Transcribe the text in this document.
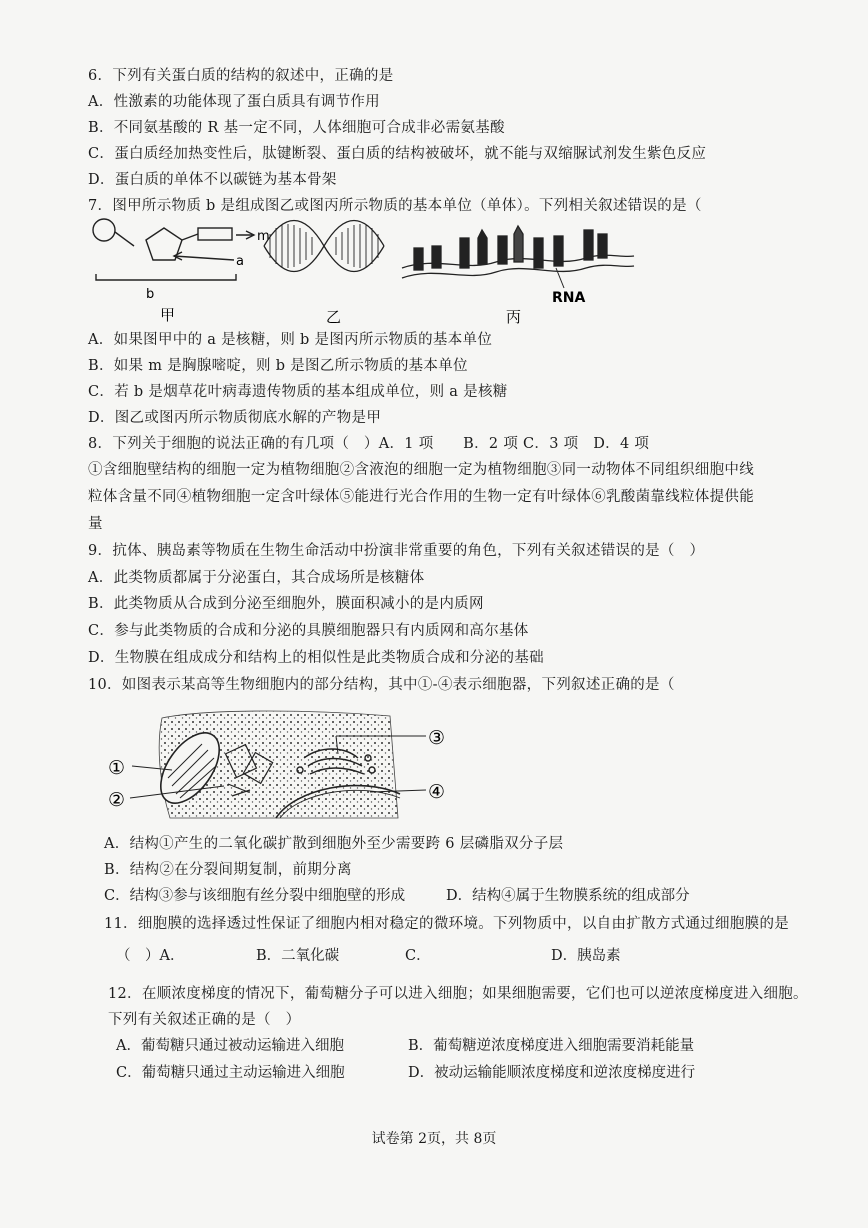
6．下列有关蛋白质的结构的叙述中，正确的是
A．性激素的功能体现了蛋白质具有调节作用
B．不同氨基酸的 R 基一定不同，人体细胞可合成非必需氨基酸
C．蛋白质经加热变性后，肽键断裂、蛋白质的结构被破坏，就不能与双缩脲试剂发生紫色反应
D．蛋白质的单体不以碳链为基本骨架
7．图甲所示物质 b 是组成图乙或图丙所示物质的基本单位（单体）。下列相关叙述错误的是（
m
a
b
甲	乙
RNA
丙
A．如果图甲中的 a 是核糖，则 b 是图丙所示物质的基本单位
B．如果 m 是胸腺嘧啶，则 b 是图乙所示物质的基本单位
C．若 b 是烟草花叶病毒遗传物质的基本组成单位，则 a 是核糖
D．图乙或图丙所示物质彻底水解的产物是甲
8．下列关于细胞的说法正确的有几项（　）A．1 项　　B．2 项 C．3 项　D．4 项
①含细胞壁结构的细胞一定为植物细胞②含液泡的细胞一定为植物细胞③同一动物体不同组织细胞中线
粒体含量不同④植物细胞一定含叶绿体⑤能进行光合作用的生物一定有叶绿体⑥乳酸菌靠线粒体提供能
量
9．抗体、胰岛素等物质在生物生命活动中扮演非常重要的角色，下列有关叙述错误的是（　）
A．此类物质都属于分泌蛋白，其合成场所是核糖体
B．此类物质从合成到分泌至细胞外，膜面积减小的是内质网
C．参与此类物质的合成和分泌的具膜细胞器只有内质网和高尔基体
D．生物膜在组成成分和结构上的相似性是此类物质合成和分泌的基础
10．如图表示某高等生物细胞内的部分结构，其中①-④表示细胞器，下列叙述正确的是（
①
②
③
④
A．结构①产生的二氧化碳扩散到细胞外至少需要跨 6 层磷脂双分子层
B．结构②在分裂间期复制，前期分离
C．结构③参与该细胞有丝分裂中细胞壁的形成	D．结构④属于生物膜系统的组成部分
11．细胞膜的选择透过性保证了细胞内相对稳定的微环境。下列物质中，以自由扩散方式通过细胞膜的是
（　）A．	B．二氧化碳	C．	D．胰岛素
12．在顺浓度梯度的情况下，葡萄糖分子可以进入细胞；如果细胞需要，它们也可以逆浓度梯度进入细胞。
下列有关叙述正确的是（　）
A．葡萄糖只通过被动运输进入细胞	B．葡萄糖逆浓度梯度进入细胞需要消耗能量
C．葡萄糖只通过主动运输进入细胞	D．被动运输能顺浓度梯度和逆浓度梯度进行
试卷第 2页，共 8页
